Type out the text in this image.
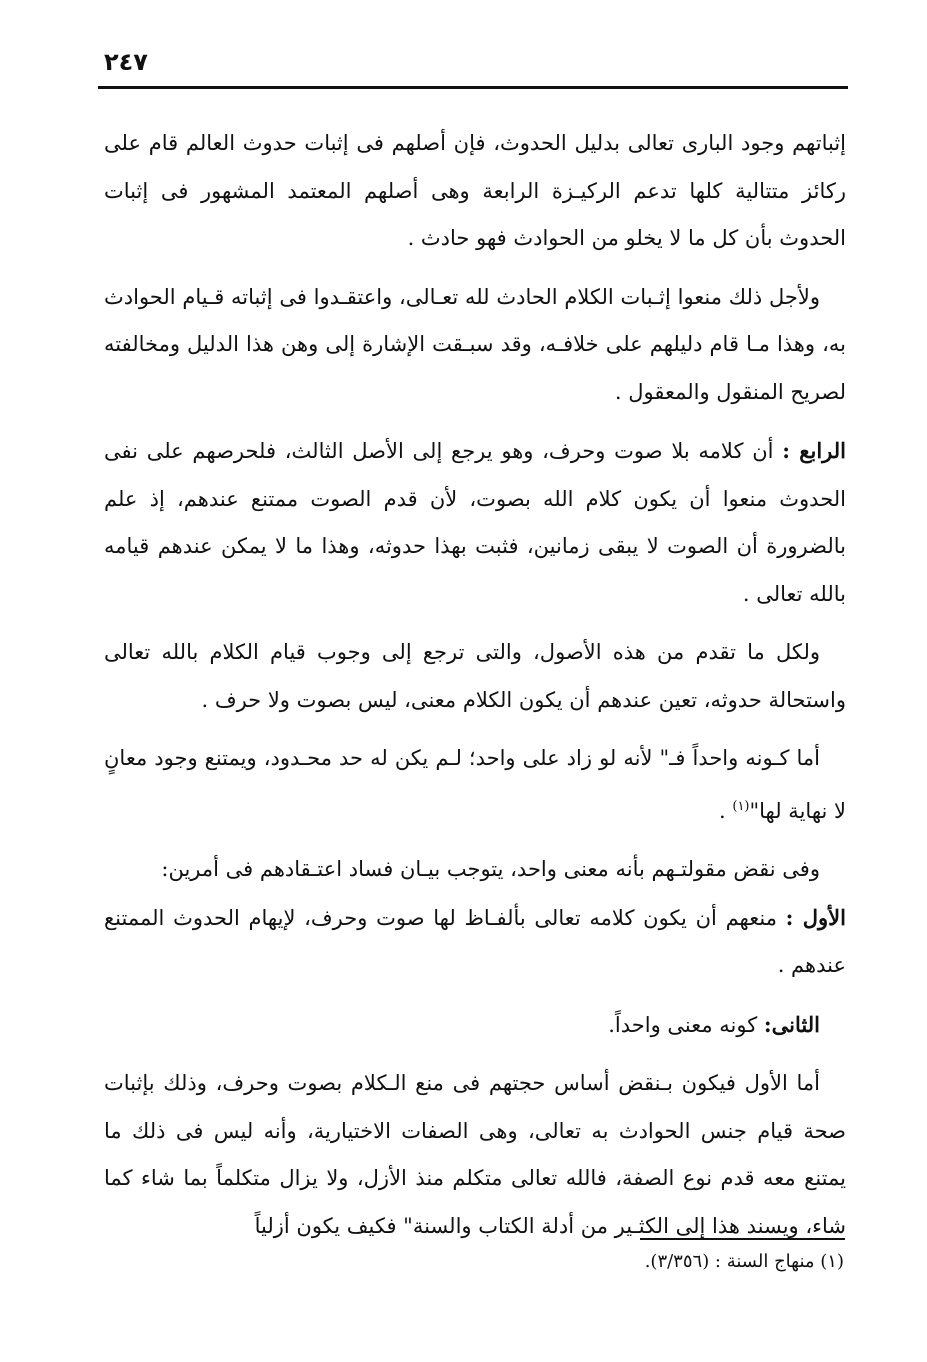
٢٤٧

إثباتهم وجود البارى تعالى بدليل الحدوث، فإن أصلهم فى إثبات حدوث العالم قام على ركائز متتالية كلها تدعم الركيـزة الرابعة وهى أصلهم المعتمد المشهور فى إثبات الحدوث بأن كل ما لا يخلو من الحوادث فهو حادث .

ولأجل ذلك منعوا إثـبات الكلام الحادث لله تعـالى، واعتقـدوا فى إثباته قـيام الحوادث به، وهذا مـا قام دليلهم على خلافـه، وقد سبـقت الإشارة إلى وهن هذا الدليل ومخالفته لصريح المنقول والمعقول .

الرابع : أن كلامه بلا صوت وحرف، وهو يرجع إلى الأصل الثالث، فلحرصهم على نفى الحدوث منعوا أن يكون كلام الله بصوت، لأن قدم الصوت ممتنع عندهم، إذ علم بالضرورة أن الصوت لا يبقى زمانين، فثبت بهذا حدوثه، وهذا ما لا يمكن عندهم قيامه بالله تعالى .

ولكل ما تقدم من هذه الأصول، والتى ترجع إلى وجوب قيام الكلام بالله تعالى واستحالة حدوثه، تعين عندهم أن يكون الكلام معنى، ليس بصوت ولا حرف .

أما كـونه واحداً فـ" لأنه لو زاد على واحد؛ لـم يكن له حد محـدود، ويمتنع وجود معانٍ لا نهاية لها"$^{(١)}$ .

وفى نقض مقولتـهم بأنه معنى واحد، يتوجب بيـان فساد اعتـقادهم فى أمرين:

الأول : منعهم أن يكون كلامه تعالى بألفـاظ لها صوت وحرف، لإيهام الحدوث الممتنع عندهم .

الثانى: كونه معنى واحداً.

أما الأول فيكون بـنقض أساس حجتهم فى منع الـكلام بصوت وحرف، وذلك بإثبات صحة قيام جنس الحوادث به تعالى، وهى الصفات الاختيارية، وأنه ليس فى ذلك ما يمتنع معه قدم نوع الصفة، فالله تعالى متكلم منذ الأزل، ولا يزال متكلماً بما شاء كما شاء، ويسند هذا إلى الكثـير من أدلة الكتاب والسنة" فكيف يكون أزلياً

(١) منهاج السنة : (٣/٣٥٦).
